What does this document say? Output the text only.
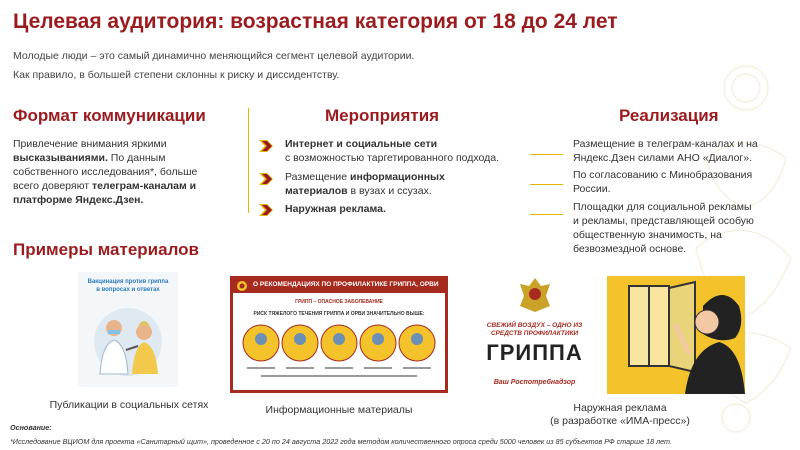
Целевая аудитория: возрастная категория от 18 до 24 лет
Молодые люди – это самый динамично меняющийся сегмент целевой аудитории.
Как правило, в большей степени склонны к риску и диссидентству.
Формат коммуникации
Привлечение внимания яркими
высказываниями. По данным
собственного исследования*, больше
всего доверяют телеграм-каналам и
платформе Яндекс.Дзен.
Мероприятия
Интернет и социальные сети
с возможностью таргетированного подхода.
Размещение информационных
материалов в вузах и ссузах.
Наружная реклама.
Реализация
Размещение в телеграм-каналах и на
Яндекс.Дзен силами АНО «Диалог».
По согласованию с Минобразования
России.
Площадки для социальной рекламы
и рекламы, представляющей особую
общественную значимость, на
безвозмездной основе.
Примеры материалов
Вакцинация против гриппа
в вопросах и ответах
О РЕКОМЕНДАЦИЯХ ПО ПРОФИЛАКТИКЕ ГРИППА, ОРВИ
ГРИПП – ОПАСНОЕ ЗАБОЛЕВАНИЕ
РИСК ТЯЖЕЛОГО ТЕЧЕНИЯ ГРИППА И ОРВИ ЗНАЧИТЕЛЬНО ВЫШЕ:
СВЕЖИЙ ВОЗДУХ – ОДНО ИЗ
СРЕДСТВ ПРОФИЛАКТИКИ
ГРИППА
Ваш Роспотребнадзор
Публикации в социальных сетях	Информационные материалы	Наружная реклама
(в разработке «ИМА-пресс»)
Основание:
*Исследование ВЦИОМ для проекта «Санитарный щит», проведенное с 20 по 24 августа 2022 года методом количественного опроса среди 5000 человек из 85 субъектов РФ старше 18 лет.
